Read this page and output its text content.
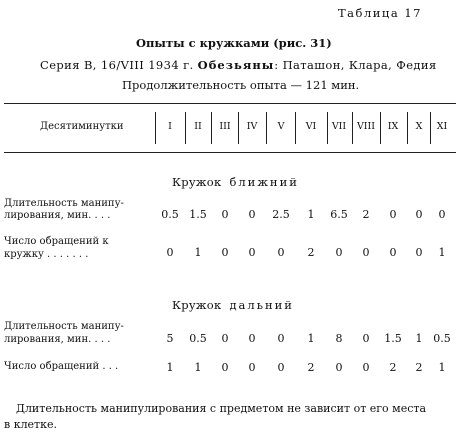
Таблица 17
Опыты с кружками (рис. 31)
Серия В, 16/VIII 1934 г. Обезьяны: Паташон, Клара, Федия
Продолжительность опыта — 121 мин.
Десятиминутки	I	II	III	IV	V	VI	VII	VIII	IX	X	XI
Кружок ближний
Длительность манипу-
лирования, мин. . . .	0.5 1.5	0	0	2.5	1	6.5	2	0	0	0
Число обращений к
кружку . . . . . . .	0	1	0	0	0	2	0	0	0	0	1
Кружок дальний
Длительность манипу-
лирования, мин. . . .	5	0.5	0	0	0	1	8	0	1.5	1 0.5
Число обращений . . .	1	1	0	0	0	2	0	0	2	2	1
Длительность манипулирования с предметом не зависит от его места
в клетке.
